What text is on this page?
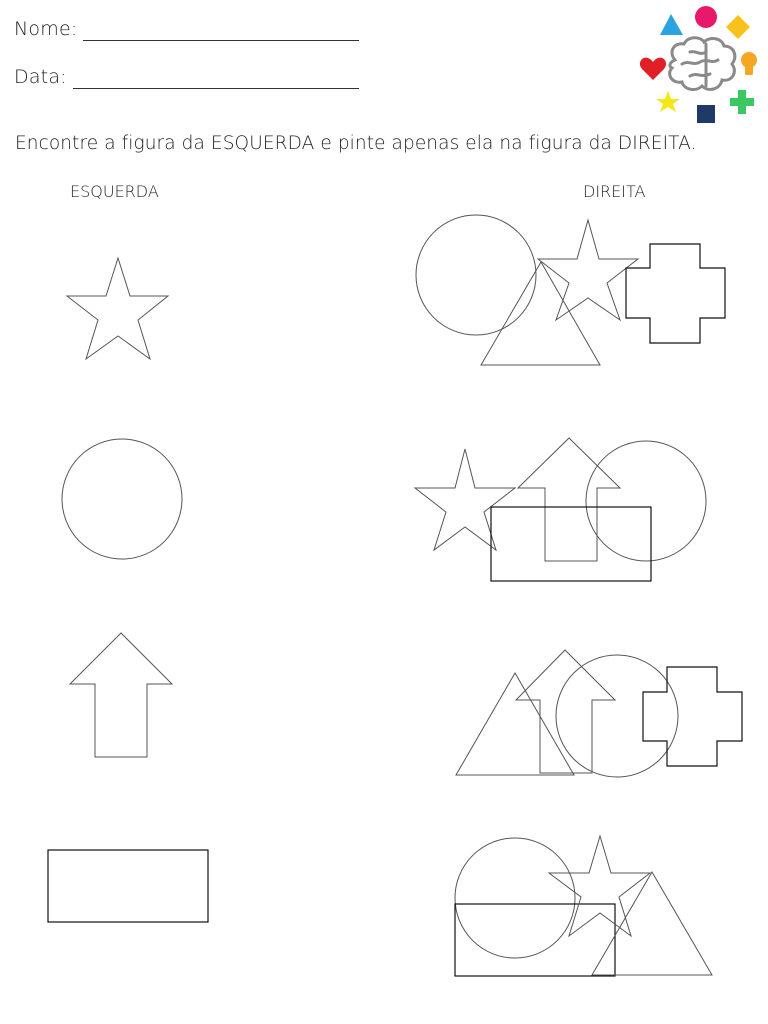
Nome:
Data:
Encontre a figura da ESQUERDA e pinte apenas ela na figura da DIREITA.
ESQUERDA	DIREITA
